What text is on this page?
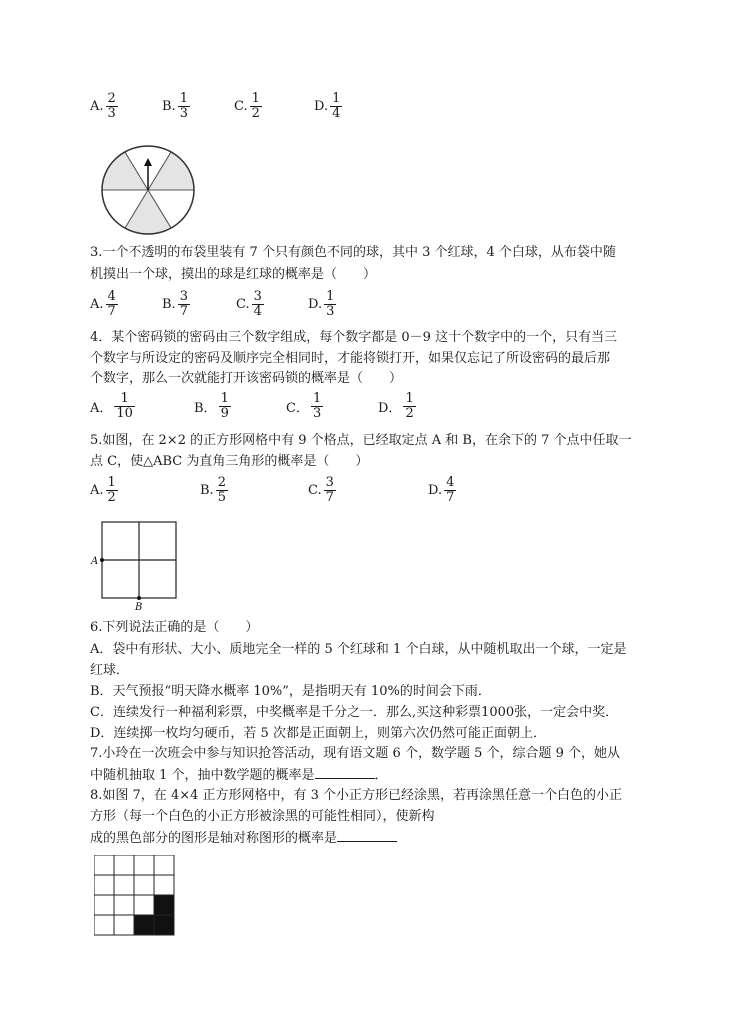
A. $\frac{2}{3}$	B. $\frac{1}{3}$	C. $\frac{1}{2}$	D. $\frac{1}{4}$
3.一个不透明的布袋里装有 7 个只有颜色不同的球，其中 3 个红球，4 个白球，从布袋中随
机摸出一个球，摸出的球是红球的概率是（　　）
A. $\frac{4}{7}$	B. $\frac{3}{7}$	C. $\frac{3}{4}$	D. $\frac{1}{3}$
4．某个密码锁的密码由三个数字组成，每个数字都是 0－9 这十个数字中的一个，只有当三
个数字与所设定的密码及顺序完全相同时，才能将锁打开，如果仅忘记了所设密码的最后那
个数字，那么一次就能打开该密码锁的概率是（　　）
A． $\frac{1}{10}$	B． $\frac{1}{9}$	C． $\frac{1}{3}$	D． $\frac{1}{2}$
5.如图，在 2×2 的正方形网格中有 9 个格点，已经取定点 A 和 B，在余下的 7 个点中任取一
点 C，使△ABC 为直角三角形的概率是（　　）
A. $\frac{1}{2}$	B. $\frac{2}{5}$	C. $\frac{3}{7}$	D. $\frac{4}{7}$
A
B
6.下列说法正确的是（　　）
A．袋中有形状、大小、质地完全一样的 5 个红球和 1 个白球，从中随机取出一个球，一定是
红球．
B．天气预报“明天降水概率 10%”，是指明天有 10%的时间会下雨．
C．连续发行一种福利彩票，中奖概率是千分之一．那么,买这种彩票1000张，一定会中奖．
D．连续掷一枚均匀硬币，若 5 次都是正面朝上，则第六次仍然可能正面朝上．
7.小玲在一次班会中参与知识抢答活动，现有语文题 6 个，数学题 5 个，综合题 9 个，她从
中随机抽取 1 个，抽中数学题的概率是	．
8.如图 7，在 4×4 正方形网格中，有 3 个小正方形已经涂黑，若再涂黑任意一个白色的小正
方形（每一个白色的小正方形被涂黑的可能性相同），使新构
成的黑色部分的图形是轴对称图形的概率是
